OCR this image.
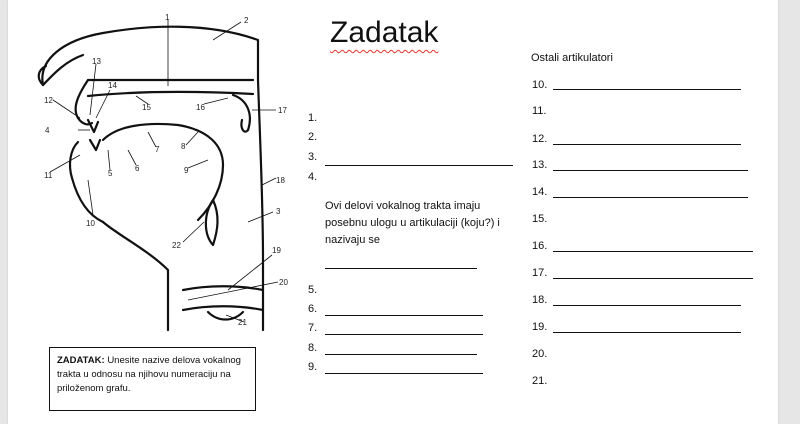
1	2
3
4
5
6
7	8
9
10
11
12
13
14
15	16	17
18
19
20
21
22
ZADATAK: Unesite nazive delova vokalnog trakta u odnosu na njihovu numeraciju na priloženom grafu.
Zadatak
1.
2.
3.
4.
Ovi delovi vokalnog trakta imaju posebnu ulogu u artikulaciji (koju?) i nazivaju se
5.
6.
7.
8.
9.
Ostali artikulatori
10.
11.
12.
13.
14.
15.
16.
17.
18.
19.
20.
21.
